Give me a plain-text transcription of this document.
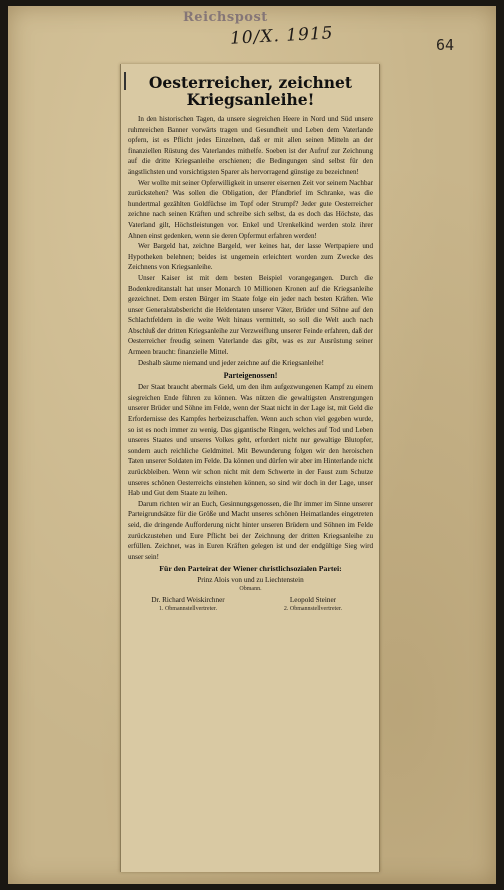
Reichspost
10/X. 1915	64
Oesterreicher, zeichnet Kriegsanleihe!

In den historischen Tagen, da unsere siegreichen Heere in Nord und Süd unsere ruhmreichen Banner vorwärts tragen und Gesundheit und Leben dem Vaterlande opfern, ist es Pflicht jedes Einzelnen, daß er mit allen seinen Mitteln an der finanziellen Rüstung des Vaterlandes mithelfe. Soeben ist der Aufruf zur Zeichnung auf die dritte Kriegsanleihe erschienen; die Bedingungen sind selbst für den ängstlichsten und vorsichtigsten Sparer als hervorragend günstige zu bezeichnen!

Wer wollte mit seiner Opferwilligkeit in unserer eisernen Zeit vor seinem Nachbar zurückstehen? Was sollen die Obligation, der Pfandbrief im Schranke, was die hundertmal gezählten Goldfüchse im Topf oder Strumpf? Jeder gute Oesterreicher zeichne nach seinen Kräften und schreibe sich selbst, da es doch das Höchste, das Vaterland gilt, Höchstleistungen vor. Enkel und Urenkelkind werden stolz ihrer Ahnen einst gedenken, wenn sie deren Opfermut erfahren werden!

Wer Bargeld hat, zeichne Bargeld, wer keines hat, der lasse Wertpapiere und Hypotheken belehnen; beides ist ungemein erleichtert worden zum Zwecke des Zeichnens von Kriegsanleihe.

Unser Kaiser ist mit dem besten Beispiel vorangegangen. Durch die Bodenkreditanstalt hat unser Monarch 10 Millionen Kronen auf die Kriegsanleihe gezeichnet. Dem ersten Bürger im Staate folge ein jeder nach besten Kräften. Wie unser Generalstabsbericht die Heldentaten unserer Väter, Brüder und Söhne auf den Schlachtfeldern in die weite Welt hinaus vermittelt, so soll die Welt auch nach Abschluß der dritten Kriegsanleihe zur Verzweiflung unserer Feinde erfahren, daß der Oesterreicher freudig seinem Vaterlande das gibt, was es zur Ausrüstung seiner Armeen braucht: finanzielle Mittel.

Deshalb säume niemand und jeder zeichne auf die Kriegsanleihe!

Parteigenossen!

Der Staat braucht abermals Geld, um den ihm aufgezwungenen Kampf zu einem siegreichen Ende führen zu können. Was nützen die gewaltigsten Anstrengungen unserer Brüder und Söhne im Felde, wenn der Staat nicht in der Lage ist, mit Geld die Erfordernisse des Kampfes herbeizuschaffen. Wenn auch schon viel gegeben wurde, so ist es noch immer zu wenig. Das gigantische Ringen, welches auf Tod und Leben unseres Staates und unseres Volkes geht, erfordert nicht nur gewaltige Blutopfer, sondern auch reichliche Geldmittel. Mit Bewunderung folgen wir den heroischen Taten unserer Soldaten im Felde. Da können und dürfen wir aber im Hinterlande nicht zurückbleiben. Wenn wir schon nicht mit dem Schwerte in der Faust zum Schutze unseres schönen Oesterreichs einstehen können, so sind wir doch in der Lage, unser Hab und Gut dem Staate zu leihen.

Darum richten wir an Euch, Gesinnungsgenossen, die Ihr immer im Sinne unserer Parteigrundsätze für die Größe und Macht unseres schönen Heimatlandes eingetreten seid, die dringende Aufforderung nicht hinter unseren Brüdern und Söhnen im Felde zurückzustehen und Eure Pflicht bei der Zeichnung der dritten Kriegsanleihe zu erfüllen. Zeichnet, was in Euren Kräften gelegen ist und der endgültige Sieg wird unser sein!

Für den Parteirat der Wiener christlichsozialen Partei:
Prinz Alois von und zu Liechtenstein
Obmann.
Dr. Richard Weiskirchner
1. Obmannstellvertreter.
Leopold Steiner
2. Obmannstellvertreter.
